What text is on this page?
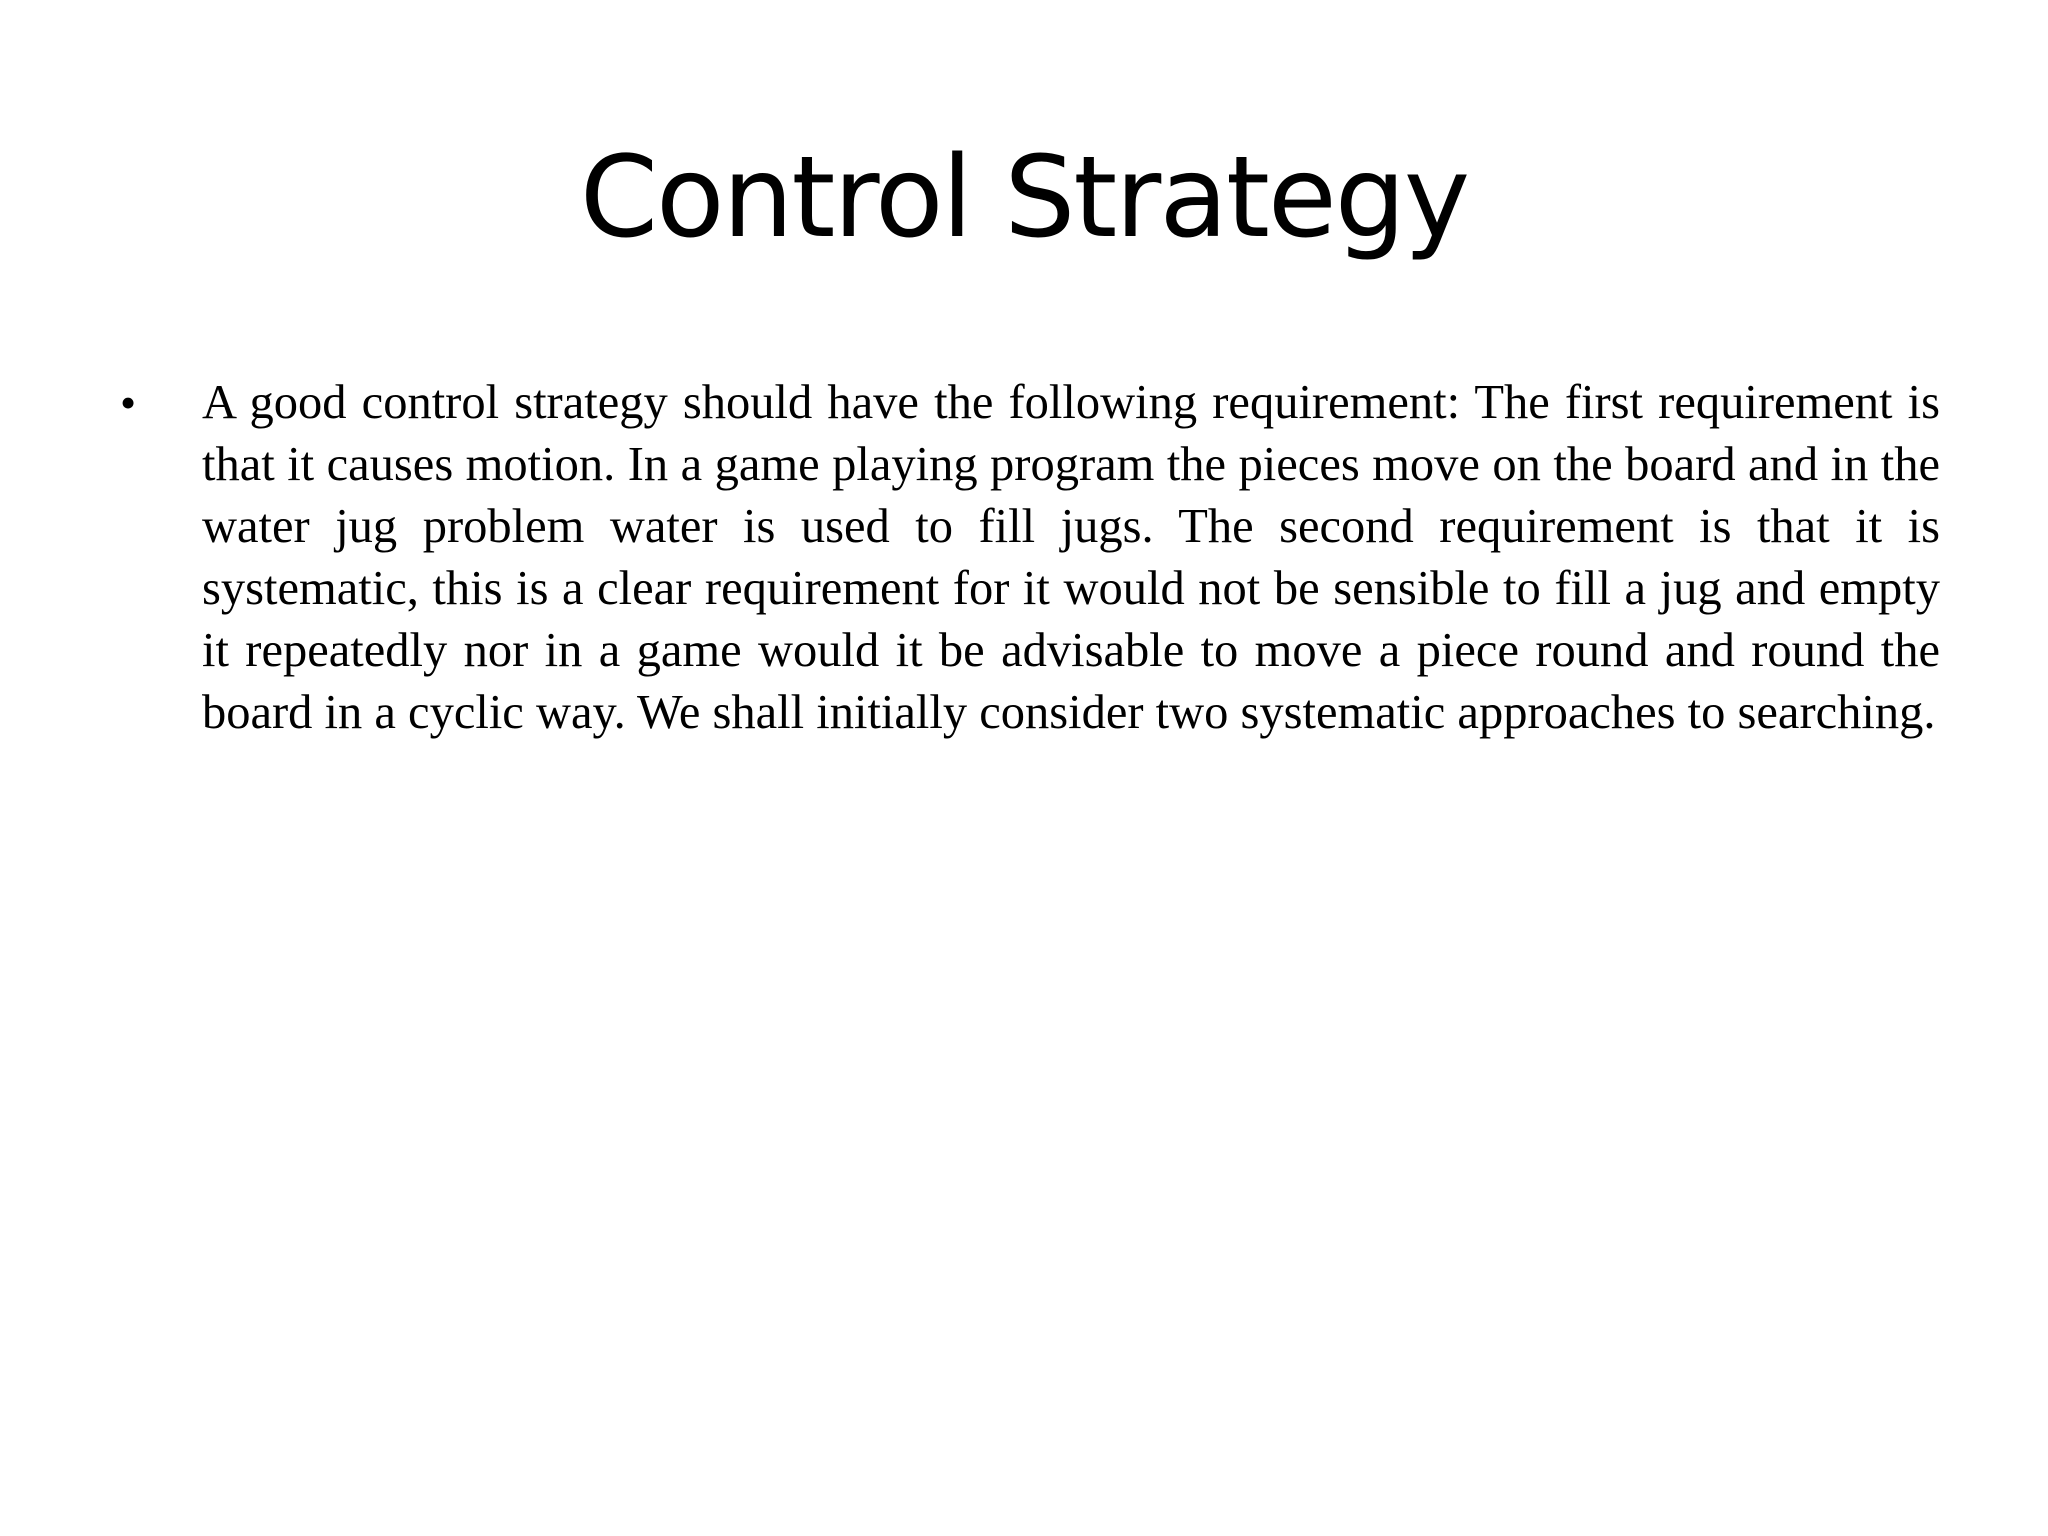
Control Strategy
• A good control strategy should have the following requirement: The first requirement is that it causes motion. In a game playing program the pieces move on the board and in the water jug problem water is used to fill jugs. The second requirement is that it is systematic, this is a clear requirement for it would not be sensible to fill a jug and empty it repeatedly nor in a game would it be advisable to move a piece round and round the board in a cyclic way. We shall initially consider two systematic approaches to searching.
